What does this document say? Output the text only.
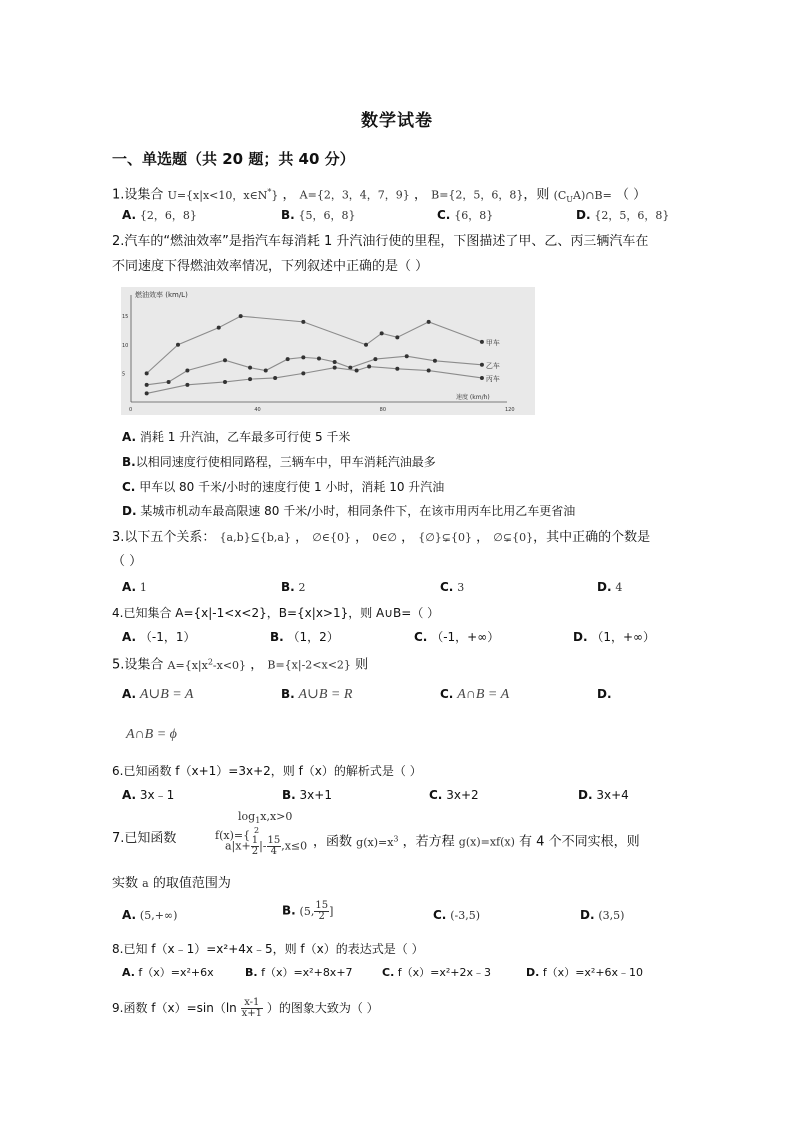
数学试卷
一、单选题（共 20 题；共 40 分）
1.设集合 U={x|x<10，x∈N*} ， A={2，3，4，7，9} ， B={2，5，6，8}，则 $(C_UA)\cap B=$ （ ）
A. {2，6，8}	B. {5，6，8}	C. {6，8}	D. {2，5，6，8}
2.汽车的“燃油效率”是指汽车每消耗 1 升汽油行使的里程，下图描述了甲、乙、丙三辆汽车在
不同速度下得燃油效率情况，下列叙述中正确的是（ ）
燃油效率 (km/L)
速度 (km/h)
0	40	80	120
5
10
15
甲车
乙车
丙车
A. 消耗 1 升汽油，乙车最多可行使 5 千米
B.以相同速度行使相同路程，三辆车中，甲车消耗汽油最多
C. 甲车以 80 千米/小时的速度行使 1 小时，消耗 10 升汽油
D. 某城市机动车最高限速 80 千米/小时，相同条件下，在该市用丙车比用乙车更省油
3.以下五个关系： {a,b}⊆{b,a} ， ∅∈{0} ， 0∈∅ ， {∅}⊊{0} ， ∅⊊{0}，其中正确的个数是
（ ）
A. 1	B. 2	C. 3	D. 4
4.已知集合 A={x|-1<x<2}，B={x|x>1}，则 A∪B=（ ）
A. （-1，1）	B. （1，2）	C. （-1，+∞）	D. （1，+∞）
5.设集合 $A=\{x|x^2-x<0\}$ ， B={x|-2<x<2} 则
A. A∪B = A	B. A∪B = R	C. A∩B = A	D.
A∩B = ϕ
6.已知函数 f（x+1）=3x+2，则 f（x）的解析式是（ ）
A. 3x﹣1	B. 3x+1	C. 3x+2	D. 3x+4
7.已知函数	f(x)={
$\log_1x,x>0$
2
$a|x+ \frac{1}{2}$ |- $\frac{15}{4} ,x\le 0$ ，函数 $g(x)=x^3$ ，若方程 g(x)=xf(x) 有 4 个不同实根，则
实数 a 的取值范围为
A. (5,+∞)	B. (5, $\frac{15}{2}$ ]	C. (-3,5)	D. (3,5)
8.已知 f（x﹣1）=x²+4x﹣5，则 f（x）的表达式是（ ）
A. f（x）=x²+6x	B. f（x）=x²+8x+7	C. f（x）=x²+2x﹣3	D. f（x）=x²+6x﹣10
9.函数 $f(x)=\sin(\ln \frac{x-1}{x+1}$ ）的图象大致为（ ）
